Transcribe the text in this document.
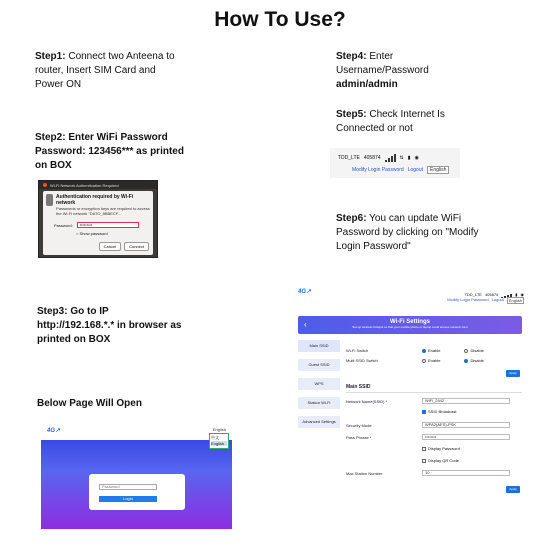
How To Use?
Step1: Connect two Anteena to router, Insert SIM Card and Power ON
Step2: Enter WiFi Password
Password: 123456*** as printed on BOX
Wi-Fi Network Authentication Required
Authentication required by Wi-Fi network
Passwords or encryption keys are required to access the Wi-Fi network "DATO_8BBECF...
Password:	•••••••••
○ Show password
Cancel	Connect
Step3: Go to IP
http://192.168.*.* in browser as printed on BOX
Below Page Will Open
4G↗	English
中文
English
Password
Login
Step4: Enter Username/Password
admin/admin
Step5: Check Internet Is Connected or not
TDD_LTE 405874	⇅ ▮ ◉
Modify Login Password Logout	English
Step6: You can update WiFi Password by clicking on "Modify Login Password"
4G↗	TDD_LTE 405874	▮ ◉
Modify Login Password Logout	English
‹	Wi-Fi Settings
Set up wireless hotspot so that your mobile phone or laptop could access network via it
Main SSID
Guest SSID
WPS
Station Wi-Fi
Advanced Settings
Wi-Fi Switch	Enable	Disable
Multi SSID Switch	Enable	Disable
Apply
Main SSID
Network Name(SSID) *	WiFi_2942
SSID Broadcast
Security Mode	WPA2(AES)-PSK
Pass Phrase *	••••••••
Display Password
Display QR Code
Max Station Number	10
Apply
